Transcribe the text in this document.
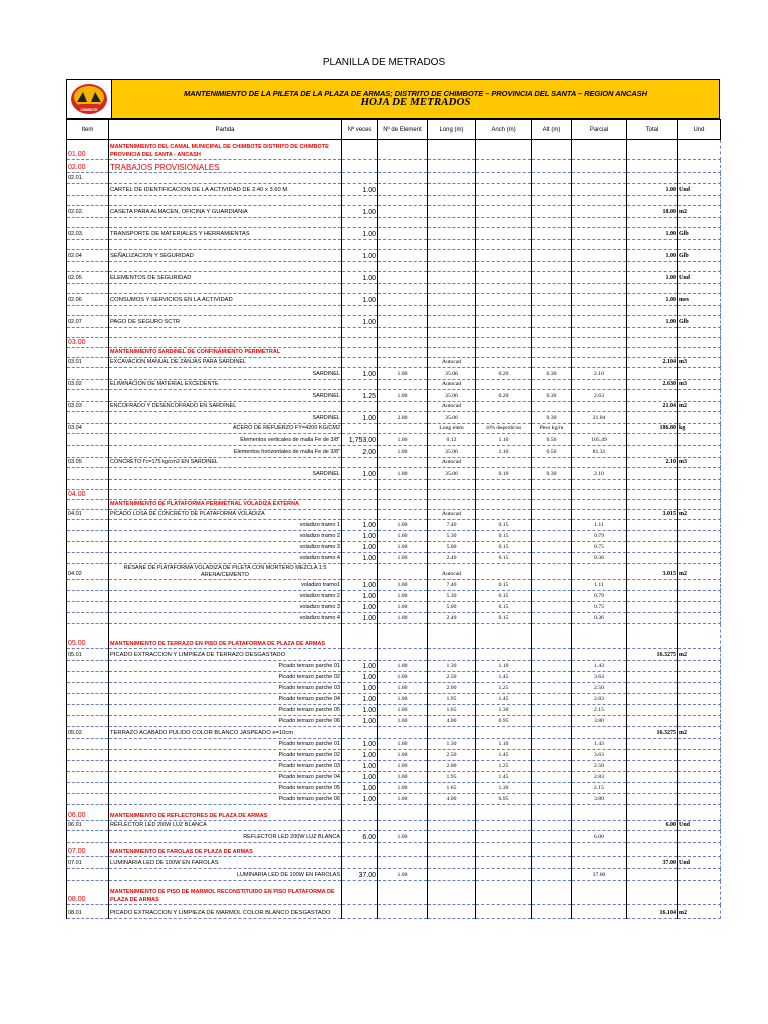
PLANILLA DE METRADOS
CHIMBOTE
MANTENIMIENTO DE LA PILETA DE LA PLAZA DE ARMAS; DISTRITO DE CHIMBOTE – PROVINCIA DEL SANTA – REGION ANCASH
HOJA DE METRADOS
Item	Partida	Nº veces	Nº de Element	Long (m)	Anch (m)	Alt (m)	Parcial	Total	Und
01.00	MANTENIMIENTO DEL CAMAL MUNICIPAL DE CHIMBOTE DISTRITO DE CHIMBOTE PROVINCIA DEL SANTA - ANCASH								
02.00	TRABAJOS PROVISIONALES								
02.01.									
	CARTEL DE IDENTIFICACION DE LA ACTIVIDAD DE 2.40 x 3.60 M.	1.00						1.00	Und

02.02.	CASETA PARA ALMACEN, OFICINA Y GUARDIANIA	1.00						18.00	m2

02.03.	TRANSPORTE DE MATERIALES Y HERRAMIENTAS	1.00						1.00	Glb

02.04	SEÑALIZACION Y SEGURIDAD	1.00						1.00	Glb

02.05	ELEMENTOS DE SEGURIDAD	1.00						1.00	Und

02.06	CONSUMOS Y SERVICIOS EN LA ACTIVIDAD	1.00						1.00	mes

02.07	PAGO DE SEGURO SCTR	1.00						1.00	Glb

03.00									
	MANTENIMIENTO SARDINEL DE CONFINAMIENTO PERIMETRAL								
03.01	EXCAVACION MANUAL DE ZANJAS PARA SARDINEL			Autocad				2.104	m3
	SARDINEL	1.00	1.00	35.06	0.20	0.30	2.10		
03.02	ELIMINACION DE MATERIAL EXCEDENTE			Autocad				2.630	m3
	SARDINEL	1.25	1.00	35.06	0.20	0.30	2.63		
03.03	ENCOFRADO Y DESENCOFRADO EN SARDINEL			Autocad				21.04	m2
	SARDINEL	1.00	2.00	35.06		0.30	21.04		
03.04	ACERO DE REFUERZO FY=4200 KG/CM2			Long elem	10% desperdicios	Peso kg/m		186.80	kg
	Elementos verticales de malla Fe de 3/8"	1,753.00	1.00	0.12	1.10	0.56	105.49		
	Elementos horizontales de malla Fe de 3/8"	2.00	1.00	35.06	1.10	0.56	81.31		
03.05	CONCRETO f'c=175 kg/cm2 EN SARDINEL			Autocad				2.10	m3
	SARDINEL	1.00	1.00	35.06	0.10	0.30	2.10		

04.00									
	MANTENIMIENTO DE PLATAFORMA PERIMETRAL VOLADIZA EXTERNA								
04.01	PICADO LOSA DE CONCRETO DE PLATAFORMA VOLADIZA			Autocad				3.015	m2
	voladizo tramo 1	1.00	1.00	7.40	0.15		1.11		
	voladizo tramo 2	1.00	1.00	5.30	0.15		0.79		
	voladizo tramo 3	1.00	1.00	5.00	0.15		0.75		
	voladizo tramo 4	1.00	1.00	2.40	0.15		0.36		
04.02	RESANE DE PLATAFORMA VOLADIZA DE PILETA CON MORTERO MEZCLA 1:5 ARENA/CEMENTO			Autocad				3.015	m2
	voladizo tramo1	1.00	1.00	7.40	0.15		1.11		
	voladizo tramo 2	1.00	1.00	5.30	0.15		0.79		
	voladizo tramo 3	1.00	1.00	5.00	0.15		0.75		
	voladizo tramo 4	1.00	1.00	2.40	0.15		0.36		
05.00	MANTENIMIENTO DE TERRAZO EN PISO DE PLATAFORMA DE PLAZA DE ARMAS								
05.01	PICADO EXTRACCION Y LIMPIEZA DE TERRAZO DESGASTADO							16.3275	m2
	Picado terrazo parche 01	1.00	1.00	1.30	1.10		1.43		
	Picado terrazo parche 02	1.00	1.00	2.50	1.45		3.63		
	Picado terrazo parche 03	1.00	1.00	2.00	1.25		2.50		
	Picado terrazo parche 04	1.00	1.00	1.95	1.45		2.83		
	Picado terrazo parche 05	1.00	1.00	1.65	1.30		2.15		
	Picado terrazo parche 06	1.00	1.00	4.00	0.95		3.80		
05.02	TERRAZO ACABADO PULIDO COLOR BLANCO JASPEADO e=10cm							16.3275	m2
	Picado terrazo parche 01	1.00	1.00	1.30	1.10		1.43		
	Picado terrazo parche 02	1.00	1.00	2.50	1.45		3.63		
	Picado terrazo parche 03	1.00	1.00	2.00	1.25		2.50		
	Picado terrazo parche 04	1.00	1.00	1.95	1.45		2.83		
	Picado terrazo parche 05	1.00	1.00	1.65	1.30		2.15		
	Picado terrazo parche 06	1.00	1.00	4.00	0.95		3.80		
06.00	MANTENIMIENTO DE REFLECTORES DE PLAZA DE ARMAS								
06.01	REFLECTOR LED 200W LUZ BLANCA							6.00	Und
	REFLECTOR LED 200W LUZ BLANCA	6.00	1.00				6.00		
07.00	MANTENIMIENTO DE FAROLAS DE PLAZA DE ARMAS								
07.01	LUMINARIA LED DE 100W EN FAROLAS							37.00	Und
	LUMINARIA LED DE 100W EN FAROLAS	37.00	1.00				37.00		
08.00	MANTENIMIENTO DE PISO DE MARMOL RECONSTITUIDO EN PISO PLATAFORMA DE PLAZA DE ARMAS								
08.01	PICADO EXTRACCION Y LIMPIEZA DE MARMOL COLOR BLANCO DESGASTADO							16.104	m2
